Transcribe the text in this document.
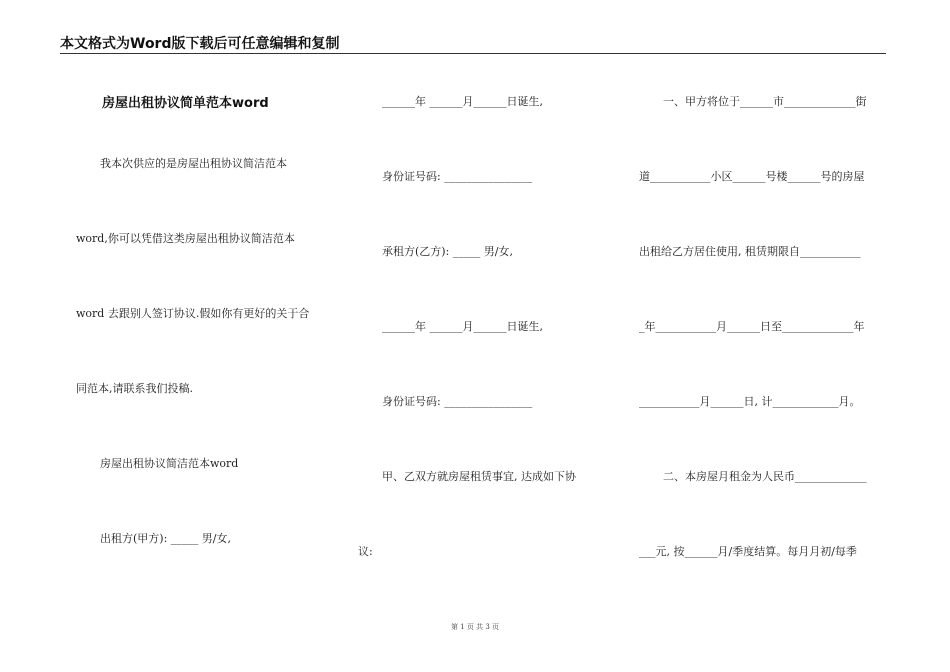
本文格式为Word版下载后可任意编辑和复制
房屋出租协议简单范本word
我本次供应的是房屋出租协议简洁范本
word,你可以凭借这类房屋出租协议简洁范本
word 去跟别人签订协议.假如你有更好的关于合
同范本,请联系我们投稿.
房屋出租协议简洁范本word
出租方(甲方): _____ 男/女,
______年 ______月______日诞生,
身份证号码: ________________
承租方(乙方): _____ 男/女,
______年 ______月______日诞生,
身份证号码: ________________
甲、乙双方就房屋租赁事宜, 达成如下协
议:
一、甲方将位于______市_____________街
道___________小区______号楼______号的房屋
出租给乙方居住使用, 租赁期限自___________
_年___________月______日至_____________年
___________月______日, 计____________月。
二、本房屋月租金为人民币_____________
___元, 按______月/季度结算。每月月初/每季
第 1 页 共 3 页
